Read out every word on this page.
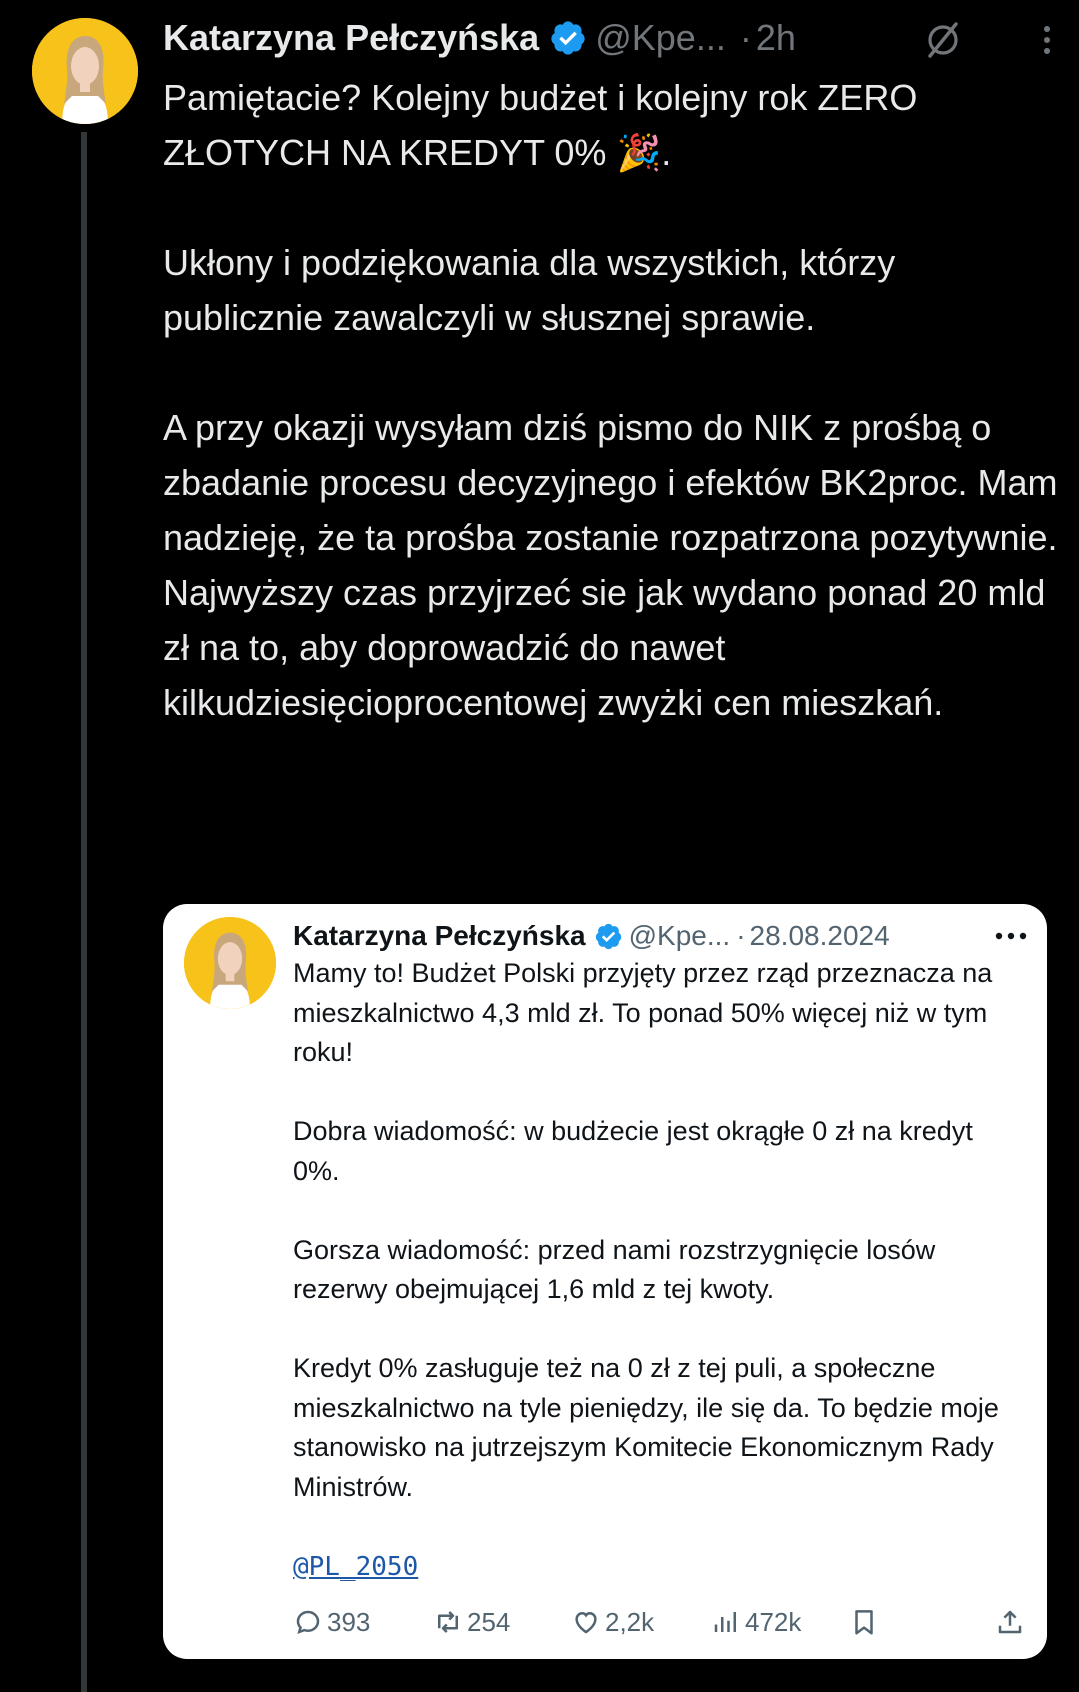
Katarzyna Pełczyńska @Kpe... · 2h

Pamiętacie? Kolejny budżet i kolejny rok ZERO ZŁOTYCH NA KREDYT 0% 🎉.

Ukłony i podziękowania dla wszystkich, którzy publicznie zawalczyli w słusznej sprawie.

A przy okazji wysyłam dziś pismo do NIK z prośbą o zbadanie procesu decyzyjnego i efektów BK2proc. Mam nadzieję, że ta prośba zostanie rozpatrzona pozytywnie. Najwyższy czas przyjrzeć sie jak wydano ponad 20 mld zł na to, aby doprowadzić do nawet kilkudziesięcioprocentowej zwyżki cen mieszkań.

Katarzyna Pełczyńska @Kpe... · 28.08.2024

Mamy to! Budżet Polski przyjęty przez rząd przeznacza na mieszkalnictwo 4,3 mld zł. To ponad 50% więcej niż w tym roku!

Dobra wiadomość: w budżecie jest okrągłe 0 zł na kredyt 0%.

Gorsza wiadomość: przed nami rozstrzygnięcie losów rezerwy obejmującej 1,6 mld z tej kwoty.

Kredyt 0% zasługuje też na 0 zł z tej puli, a społeczne mieszkalnictwo na tyle pieniędzy, ile się da. To będzie moje stanowisko na jutrzejszym Komitecie Ekonomicznym Rady Ministrów.

@PL_2050

393	254	2,2k	472k
